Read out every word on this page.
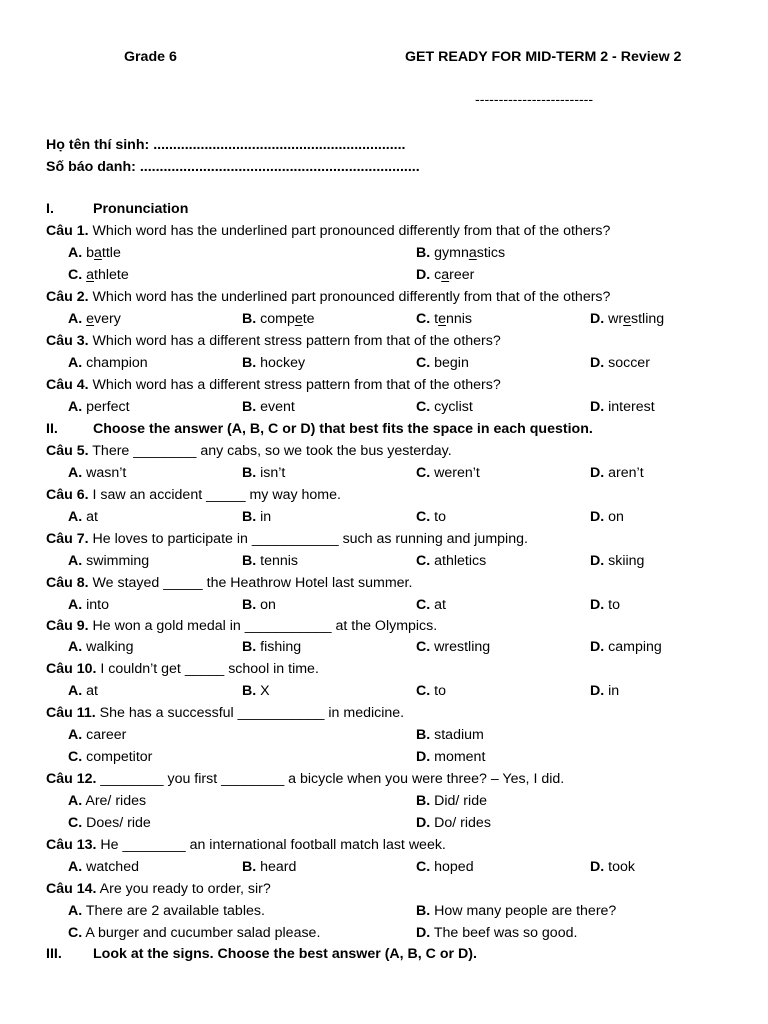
Grade 6	GET READY FOR MID-TERM 2 - Review 2
-------------------------
Họ tên thí sinh: ................................................................
Số báo danh: .......................................................................
I.	Pronunciation
Câu 1. Which word has the underlined part pronounced differently from that of the others?
A. battle	B. gymnastics
C. athlete	D. career
Câu 2. Which word has the underlined part pronounced differently from that of the others?
A. every	B. compete	C. tennis	D. wrestling
Câu 3. Which word has a different stress pattern from that of the others?
A. champion	B. hockey	C. begin	D. soccer
Câu 4. Which word has a different stress pattern from that of the others?
A. perfect	B. event	C. cyclist	D. interest
II. Choose the answer (A, B, C or D) that best fits the space in each question.
Câu 5. There ________ any cabs, so we took the bus yesterday.
A. wasn’t	B. isn’t	C. weren’t	D. aren’t
Câu 6. I saw an accident _____ my way home.
A. at	B. in	C. to	D. on
Câu 7. He loves to participate in ___________ such as running and jumping.
A. swimming	B. tennis	C. athletics	D. skiing
Câu 8. We stayed _____ the Heathrow Hotel last summer.
A. into	B. on	C. at	D. to
Câu 9. He won a gold medal in ___________ at the Olympics.
A. walking	B. fishing	C. wrestling	D. camping
Câu 10. I couldn’t get _____ school in time.
A. at	B. X	C. to	D. in
Câu 11. She has a successful ___________ in medicine.
A. career	B. stadium
C. competitor	D. moment
Câu 12. ________ you first ________ a bicycle when you were three? – Yes, I did.
A. Are/ rides	B. Did/ ride
C. Does/ ride	D. Do/ rides
Câu 13. He ________ an international football match last week.
A. watched	B. heard	C. hoped	D. took
Câu 14. Are you ready to order, sir?
A. There are 2 available tables.	B. How many people are there?
C. A burger and cucumber salad please.	D. The beef was so good.
III. Look at the signs. Choose the best answer (A, B, C or D).
